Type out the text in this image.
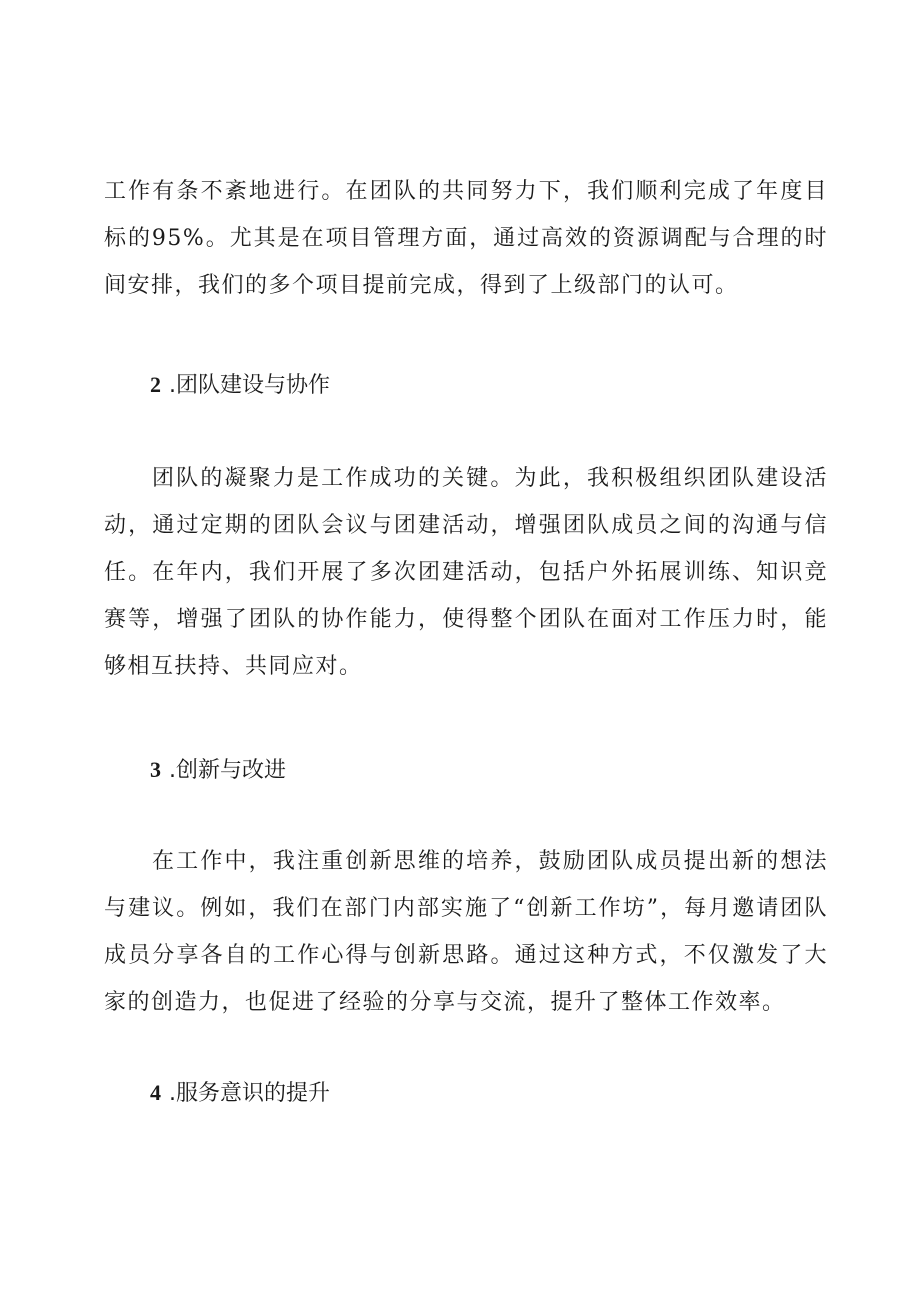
工作有条不紊地进行。在团队的共同努力下，我们顺利完成了年度目标的95%。尤其是在项目管理方面，通过高效的资源调配与合理的时间安排，我们的多个项目提前完成，得到了上级部门的认可。

2 .团队建设与协作

团队的凝聚力是工作成功的关键。为此，我积极组织团队建设活动，通过定期的团队会议与团建活动，增强团队成员之间的沟通与信任。在年内，我们开展了多次团建活动，包括户外拓展训练、知识竞赛等，增强了团队的协作能力，使得整个团队在面对工作压力时，能够相互扶持、共同应对。

3 .创新与改进

在工作中，我注重创新思维的培养，鼓励团队成员提出新的想法与建议。例如，我们在部门内部实施了“创新工作坊”，每月邀请团队成员分享各自的工作心得与创新思路。通过这种方式，不仅激发了大家的创造力，也促进了经验的分享与交流，提升了整体工作效率。

4 .服务意识的提升
